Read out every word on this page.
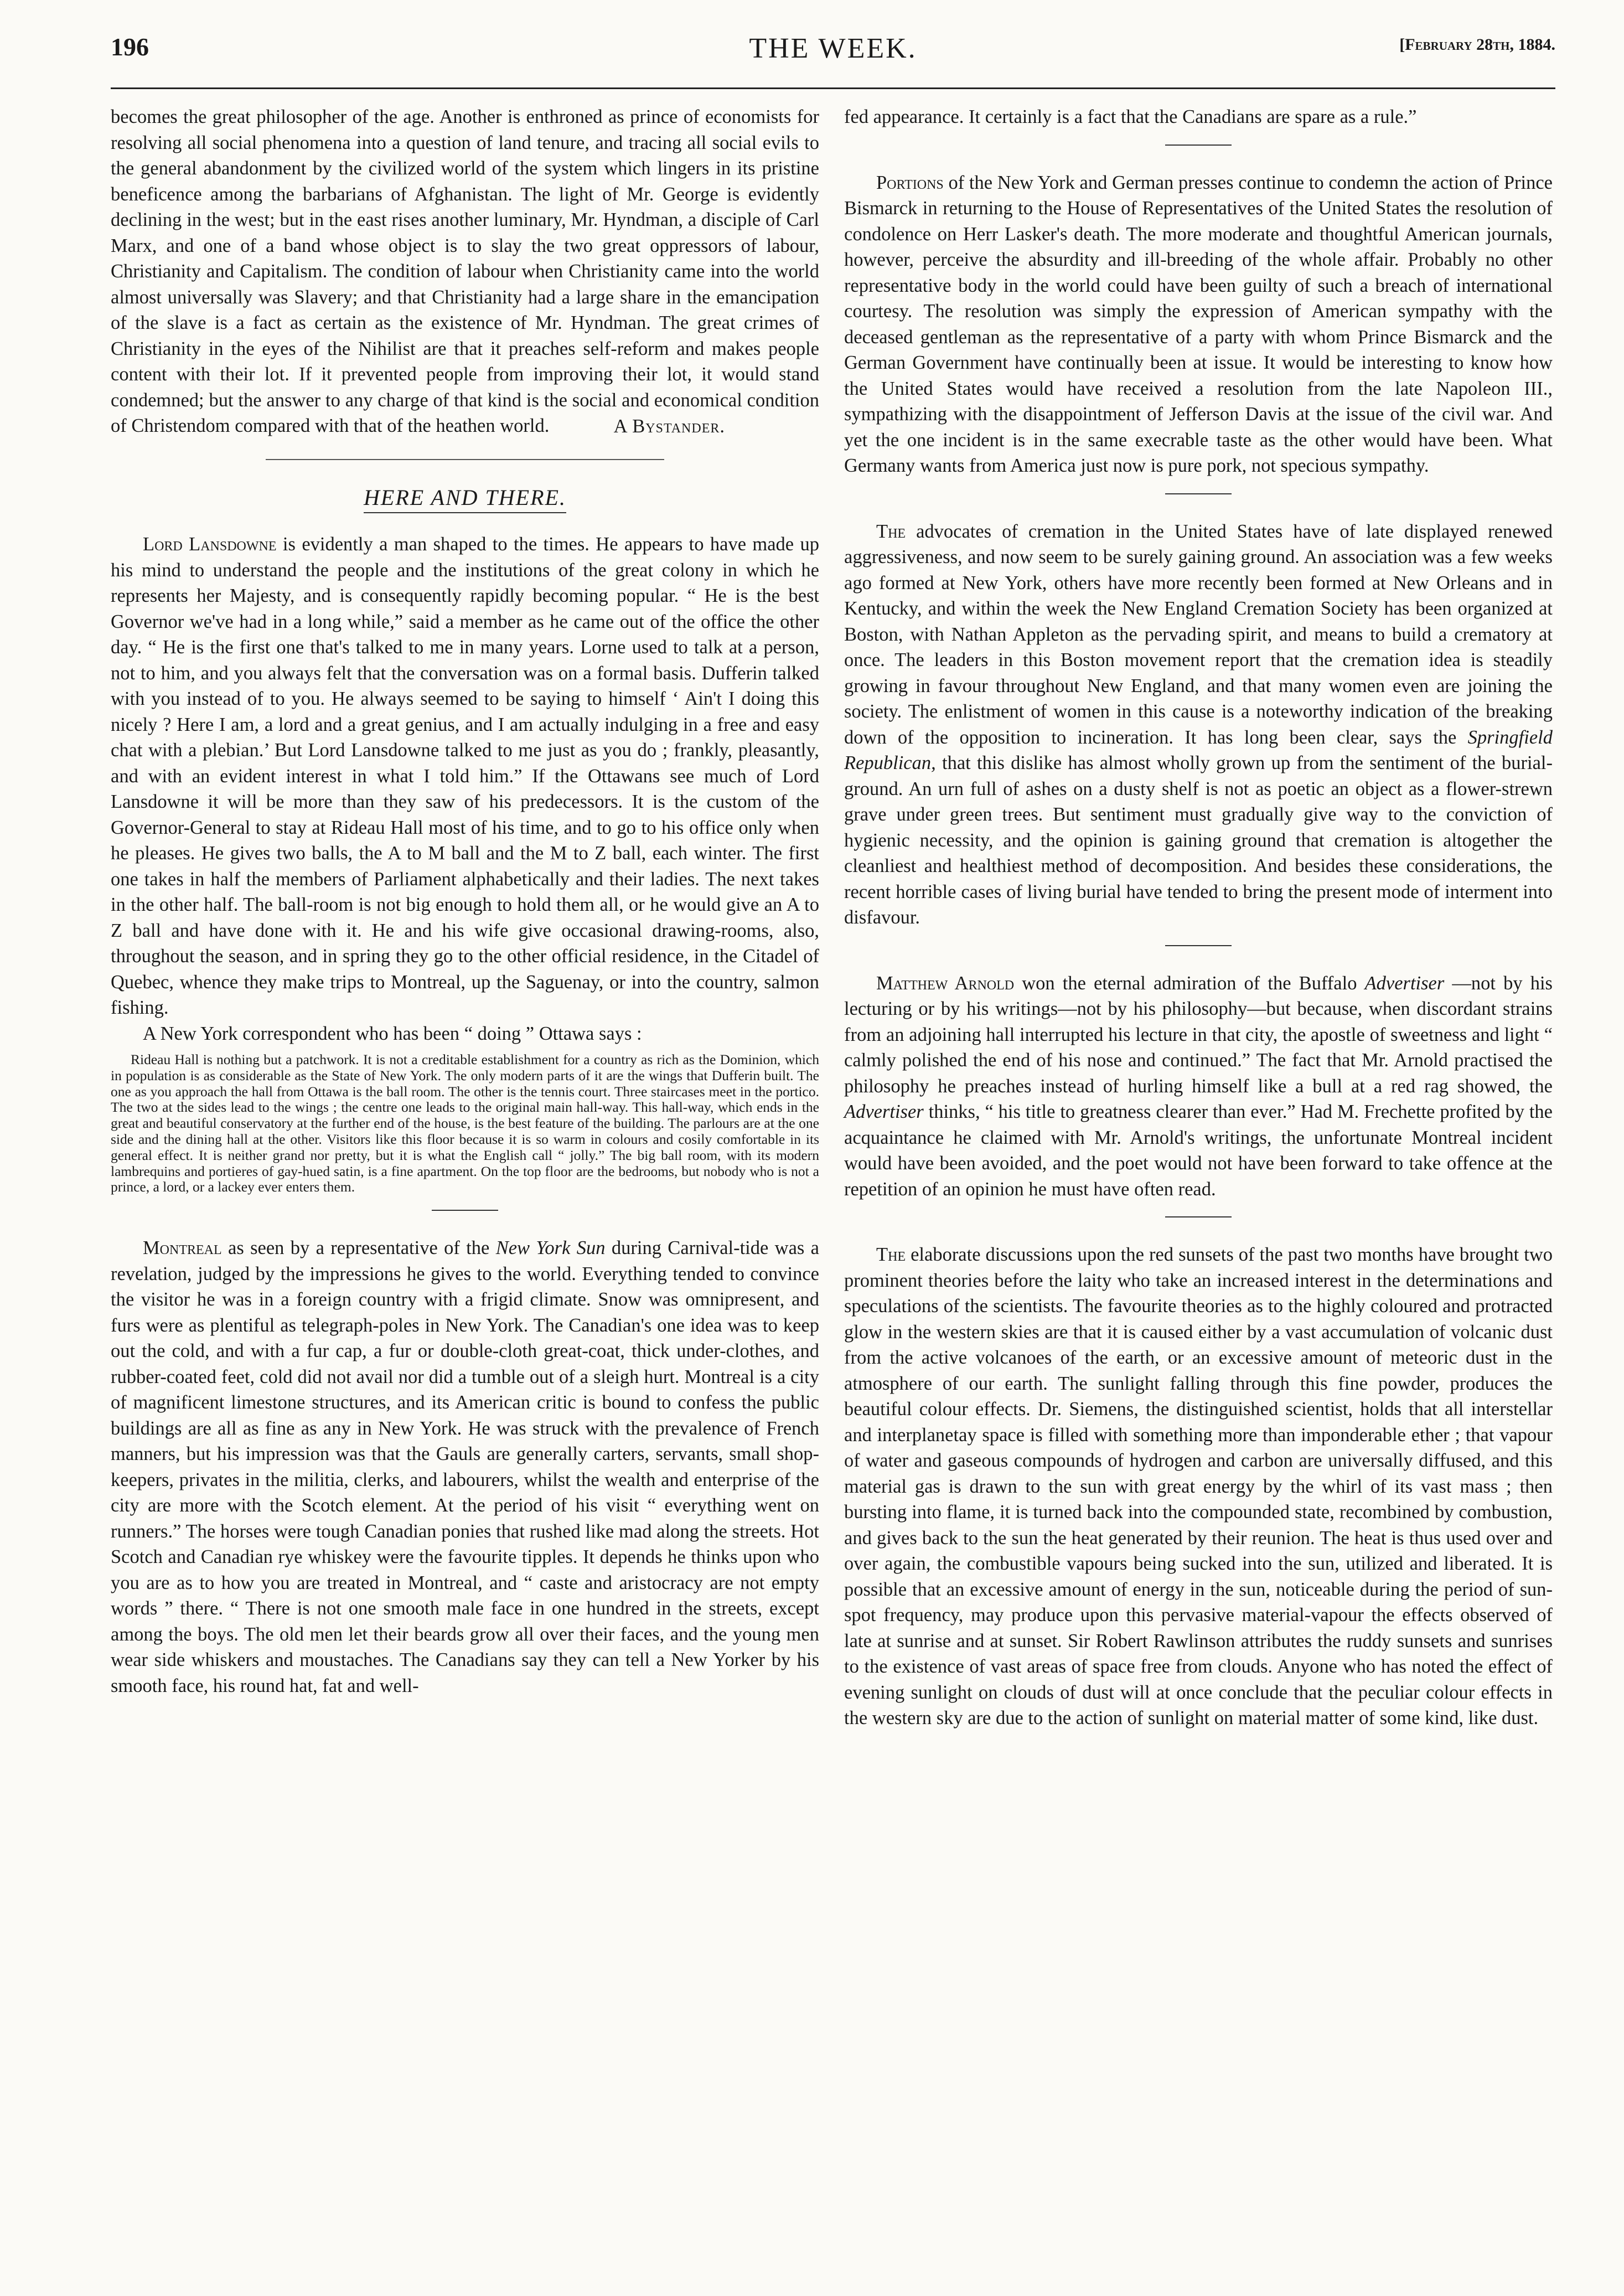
196	THE WEEK.	[February 28th, 1884.

becomes the great philosopher of the age. Another is enthroned as prince of economists for resolving all social phenomena into a question of land tenure, and tracing all social evils to the general abandonment by the civilized world of the system which lingers in its pristine beneficence among the barbarians of Afghanistan. The light of Mr. George is evidently declining in the west; but in the east rises another luminary, Mr. Hyndman, a disciple of Carl Marx, and one of a band whose object is to slay the two great oppressors of labour, Christianity and Capitalism. The condition of labour when Christianity came into the world almost universally was Slavery; and that Christianity had a large share in the emancipation of the slave is a fact as certain as the existence of Mr. Hyndman. The great crimes of Christianity in the eyes of the Nihilist are that it preaches self-reform and makes people content with their lot. If it prevented people from improving their lot, it would stand condemned; but the answer to any charge of that kind is the social and economical condition of Christendom compared with that of the heathen world.	A Bystander.

HERE AND THERE.

Lord Lansdowne is evidently a man shaped to the times. He appears to have made up his mind to understand the people and the institutions of the great colony in which he represents her Majesty, and is consequently rapidly becoming popular. “ He is the best Governor we've had in a long while,” said a member as he came out of the office the other day. “ He is the first one that's talked to me in many years. Lorne used to talk at a person, not to him, and you always felt that the conversation was on a formal basis. Dufferin talked with you instead of to you. He always seemed to be saying to himself ‘ Ain't I doing this nicely ? Here I am, a lord and a great genius, and I am actually indulging in a free and easy chat with a plebian.’ But Lord Lansdowne talked to me just as you do ; frankly, pleasantly, and with an evident interest in what I told him.” If the Ottawans see much of Lord Lansdowne it will be more than they saw of his predecessors. It is the custom of the Governor-General to stay at Rideau Hall most of his time, and to go to his office only when he pleases. He gives two balls, the A to M ball and the M to Z ball, each winter. The first one takes in half the members of Parliament alphabetically and their ladies. The next takes in the other half. The ball-room is not big enough to hold them all, or he would give an A to Z ball and have done with it. He and his wife give occasional drawing-rooms, also, throughout the season, and in spring they go to the other official residence, in the Citadel of Quebec, whence they make trips to Montreal, up the Saguenay, or into the country, salmon fishing.

A New York correspondent who has been “ doing ” Ottawa says :

Rideau Hall is nothing but a patchwork. It is not a creditable establishment for a country as rich as the Dominion, which in population is as considerable as the State of New York. The only modern parts of it are the wings that Dufferin built. The one as you approach the hall from Ottawa is the ball room. The other is the tennis court. Three staircases meet in the portico. The two at the sides lead to the wings ; the centre one leads to the original main hall-way. This hall-way, which ends in the great and beautiful conservatory at the further end of the house, is the best feature of the building. The parlours are at the one side and the dining hall at the other. Visitors like this floor because it is so warm in colours and cosily comfortable in its general effect. It is neither grand nor pretty, but it is what the English call “ jolly.” The big ball room, with its modern lambrequins and portieres of gay-hued satin, is a fine apartment. On the top floor are the bedrooms, but nobody who is not a prince, a lord, or a lackey ever enters them.

Montreal as seen by a representative of the New York Sun during Carnival-tide was a revelation, judged by the impressions he gives to the world. Everything tended to convince the visitor he was in a foreign country with a frigid climate. Snow was omnipresent, and furs were as plentiful as telegraph-poles in New York. The Canadian's one idea was to keep out the cold, and with a fur cap, a fur or double-cloth great-coat, thick under-clothes, and rubber-coated feet, cold did not avail nor did a tumble out of a sleigh hurt. Montreal is a city of magnificent limestone structures, and its American critic is bound to confess the public buildings are all as fine as any in New York. He was struck with the prevalence of French manners, but his impression was that the Gauls are generally carters, servants, small shop-keepers, privates in the militia, clerks, and labourers, whilst the wealth and enterprise of the city are more with the Scotch element. At the period of his visit “ everything went on runners.” The horses were tough Canadian ponies that rushed like mad along the streets. Hot Scotch and Canadian rye whiskey were the favourite tipples. It depends he thinks upon who you are as to how you are treated in Montreal, and “ caste and aristocracy are not empty words ” there. “ There is not one smooth male face in one hundred in the streets, except among the boys. The old men let their beards grow all over their faces, and the young men wear side whiskers and moustaches. The Canadians say they can tell a New Yorker by his smooth face, his round hat, fat and well-

fed appearance. It certainly is a fact that the Canadians are spare as a rule.”

Portions of the New York and German presses continue to condemn the action of Prince Bismarck in returning to the House of Representatives of the United States the resolution of condolence on Herr Lasker's death. The more moderate and thoughtful American journals, however, perceive the absurdity and ill-breeding of the whole affair. Probably no other representative body in the world could have been guilty of such a breach of international courtesy. The resolution was simply the expression of American sympathy with the deceased gentleman as the representative of a party with whom Prince Bismarck and the German Government have continually been at issue. It would be interesting to know how the United States would have received a resolution from the late Napoleon III., sympathizing with the disappointment of Jefferson Davis at the issue of the civil war. And yet the one incident is in the same execrable taste as the other would have been. What Germany wants from America just now is pure pork, not specious sympathy.

The advocates of cremation in the United States have of late displayed renewed aggressiveness, and now seem to be surely gaining ground. An association was a few weeks ago formed at New York, others have more recently been formed at New Orleans and in Kentucky, and within the week the New England Cremation Society has been organized at Boston, with Nathan Appleton as the pervading spirit, and means to build a crematory at once. The leaders in this Boston movement report that the cremation idea is steadily growing in favour throughout New England, and that many women even are joining the society. The enlistment of women in this cause is a noteworthy indication of the breaking down of the opposition to incineration. It has long been clear, says the Springfield Republican, that this dislike has almost wholly grown up from the sentiment of the burial-ground. An urn full of ashes on a dusty shelf is not as poetic an object as a flower-strewn grave under green trees. But sentiment must gradually give way to the conviction of hygienic necessity, and the opinion is gaining ground that cremation is altogether the cleanliest and healthiest method of decomposition. And besides these considerations, the recent horrible cases of living burial have tended to bring the present mode of interment into disfavour.

Matthew Arnold won the eternal admiration of the Buffalo Advertiser —not by his lecturing or by his writings—not by his philosophy—but because, when discordant strains from an adjoining hall interrupted his lecture in that city, the apostle of sweetness and light “ calmly polished the end of his nose and continued.” The fact that Mr. Arnold practised the philosophy he preaches instead of hurling himself like a bull at a red rag showed, the Advertiser thinks, “ his title to greatness clearer than ever.” Had M. Frechette profited by the acquaintance he claimed with Mr. Arnold's writings, the unfortunate Montreal incident would have been avoided, and the poet would not have been forward to take offence at the repetition of an opinion he must have often read.

The elaborate discussions upon the red sunsets of the past two months have brought two prominent theories before the laity who take an increased interest in the determinations and speculations of the scientists. The favourite theories as to the highly coloured and protracted glow in the western skies are that it is caused either by a vast accumulation of volcanic dust from the active volcanoes of the earth, or an excessive amount of meteoric dust in the atmosphere of our earth. The sunlight falling through this fine powder, produces the beautiful colour effects. Dr. Siemens, the distinguished scientist, holds that all interstellar and interplanetay space is filled with something more than imponderable ether ; that vapour of water and gaseous compounds of hydrogen and carbon are universally diffused, and this material gas is drawn to the sun with great energy by the whirl of its vast mass ; then bursting into flame, it is turned back into the compounded state, recombined by combustion, and gives back to the sun the heat generated by their reunion. The heat is thus used over and over again, the combustible vapours being sucked into the sun, utilized and liberated. It is possible that an excessive amount of energy in the sun, noticeable during the period of sun-spot frequency, may produce upon this pervasive material-vapour the effects observed of late at sunrise and at sunset. Sir Robert Rawlinson attributes the ruddy sunsets and sunrises to the existence of vast areas of space free from clouds. Anyone who has noted the effect of evening sunlight on clouds of dust will at once conclude that the peculiar colour effects in the western sky are due to the action of sunlight on material matter of some kind, like dust.
